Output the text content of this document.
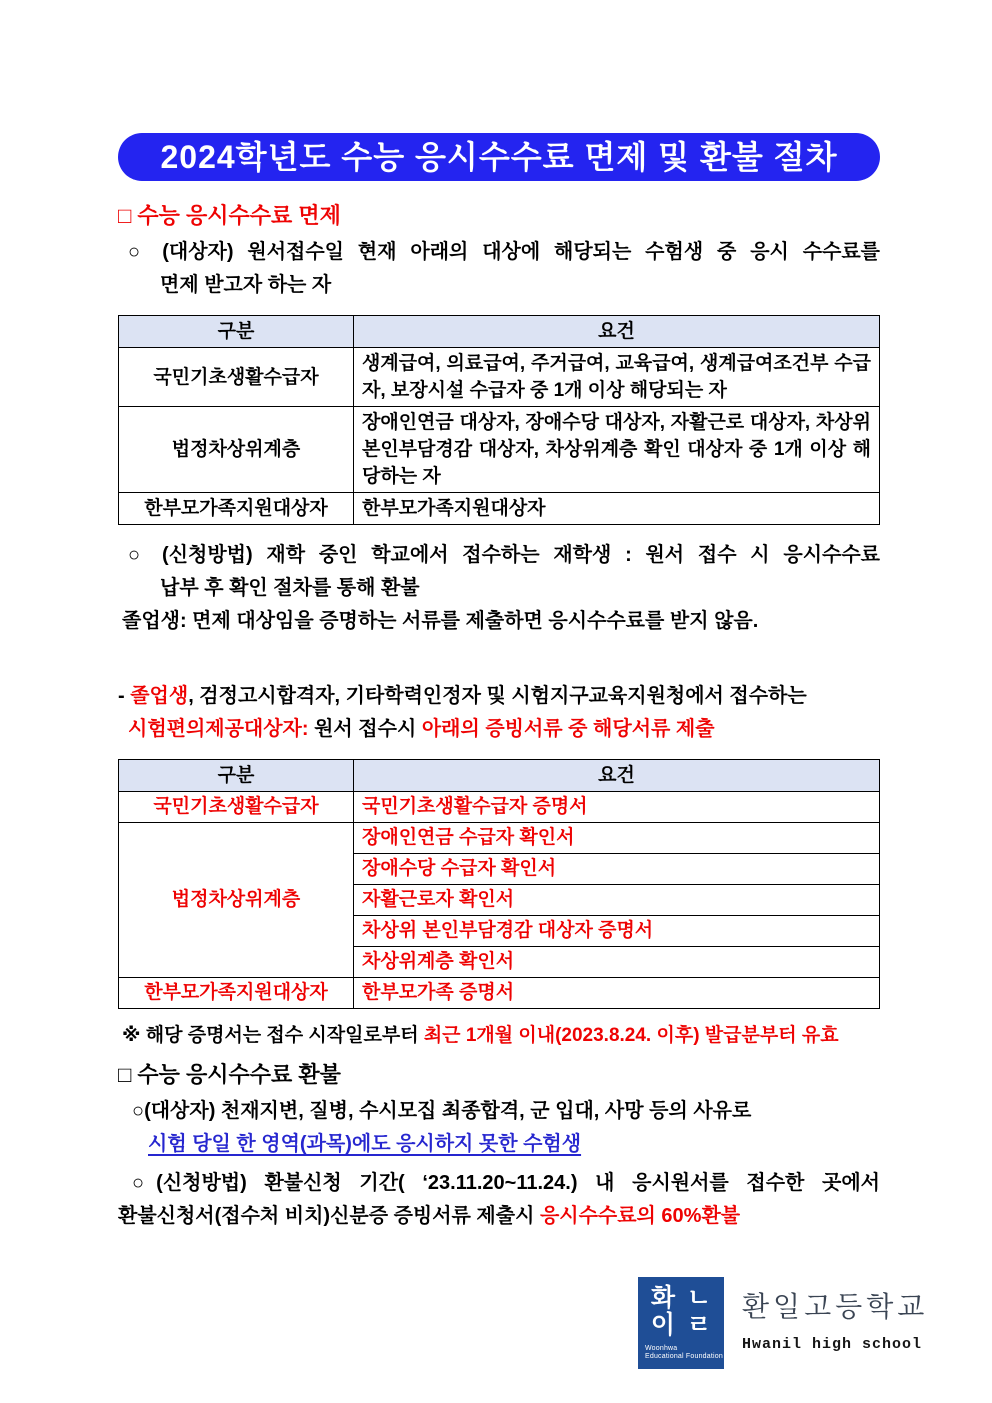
2024학년도 수능 응시수수료 면제 및 환불 절차
□ 수능 응시수수료 면제
○ (대상자) 원서접수일 현재 아래의 대상에 해당되는 수험생 중 응시 수수료를
면제 받고자 하는 자
구분	요건
국민기초생활수급자	생계급여, 의료급여, 주거급여, 교육급여, 생계급여조건부 수급자, 보장시설 수급자 중 1개 이상 해당되는 자
법정차상위계층	장애인연금 대상자, 장애수당 대상자, 자활근로 대상자, 차상위본인부담경감 대상자, 차상위계층 확인 대상자 중 1개 이상 해당하는 자
한부모가족지원대상자	한부모가족지원대상자
○ (신청방법) 재학 중인 학교에서 접수하는 재학생 : 원서 접수 시 응시수수료
납부 후 확인 절차를 통해 환불
졸업생: 면제 대상임을 증명하는 서류를 제출하면 응시수수료를 받지 않음.
- 졸업생, 검정고시합격자, 기타학력인정자 및 시험지구교육지원청에서 접수하는
시험편의제공대상자: 원서 접수시 아래의 증빙서류 중 해당서류 제출
구분	요건
국민기초생활수급자	국민기초생활수급자 증명서
법정차상위계층	장애인연금 수급자 확인서
	장애수당 수급자 확인서
	자활근로자 확인서
	차상위 본인부담경감 대상자 증명서
	차상위계층 확인서
한부모가족지원대상자	한부모가족 증명서
※ 해당 증명서는 접수 시작일로부터 최근 1개월 이내(2023.8.24. 이후) 발급분부터 유효
□ 수능 응시수수료 환불
○(대상자) 천재지변, 질병, 수시모집 최종합격, 군 입대, 사망 등의 사유로
시험 당일 한 영역(과목)에도 응시하지 못한 수험생
○(신청방법) 환불신청 기간( ‘23.11.20~11.24.) 내 응시원서를 접수한 곳에서
환불신청서(접수처 비치)신분증 증빙서류 제출시 응시수수료의 60%환불
화 ㄴ
이 ㄹ
Woonhwa
Educational Foundation
환일고등학교
Hwanil high school
